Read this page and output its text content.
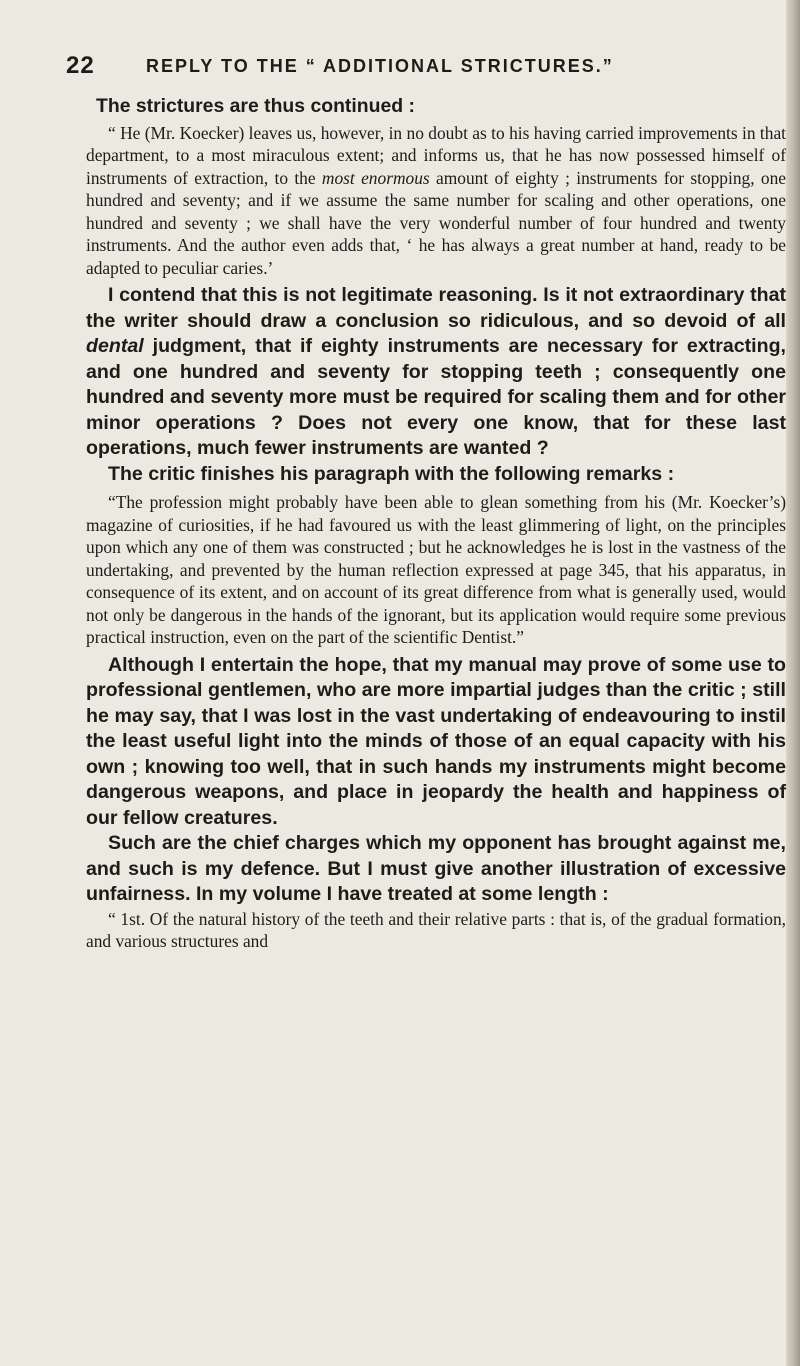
22	REPLY TO THE “ ADDITIONAL STRICTURES.”

The strictures are thus continued :

“ He (Mr. Koecker) leaves us, however, in no doubt as to his having carried improvements in that department, to a most miraculous extent; and informs us, that he has now possessed himself of instruments of extraction, to the most enormous amount of eighty ; instruments for stopping, one hundred and seventy; and if we assume the same number for scaling and other operations, one hundred and seventy ; we shall have the very wonderful number of four hundred and twenty instruments. And the author even adds that, ‘ he has always a great number at hand, ready to be adapted to peculiar caries.’

I contend that this is not legitimate reasoning. Is it not extraordinary that the writer should draw a conclusion so ridiculous, and so devoid of all dental judgment, that if eighty instruments are necessary for extracting, and one hundred and seventy for stopping teeth ; consequently one hundred and seventy more must be required for scaling them and for other minor operations ? Does not every one know, that for these last operations, much fewer instruments are wanted ?

The critic finishes his paragraph with the following remarks :

“The profession might probably have been able to glean something from his (Mr. Koecker’s) magazine of curiosities, if he had favoured us with the least glimmering of light, on the principles upon which any one of them was constructed ; but he acknowledges he is lost in the vastness of the undertaking, and prevented by the human reflection expressed at page 345, that his apparatus, in consequence of its extent, and on account of its great difference from what is generally used, would not only be dangerous in the hands of the ignorant, but its application would require some previous practical instruction, even on the part of the scientific Dentist.”

Although I entertain the hope, that my manual may prove of some use to professional gentlemen, who are more impartial judges than the critic ; still he may say, that I was lost in the vast undertaking of endeavouring to instil the least useful light into the minds of those of an equal capacity with his own ; knowing too well, that in such hands my instruments might become dangerous weapons, and place in jeopardy the health and happiness of our fellow creatures.

Such are the chief charges which my opponent has brought against me, and such is my defence. But I must give another illustration of excessive unfairness. In my volume I have treated at some length :

“ 1st. Of the natural history of the teeth and their relative parts : that is, of the gradual formation, and various structures and
